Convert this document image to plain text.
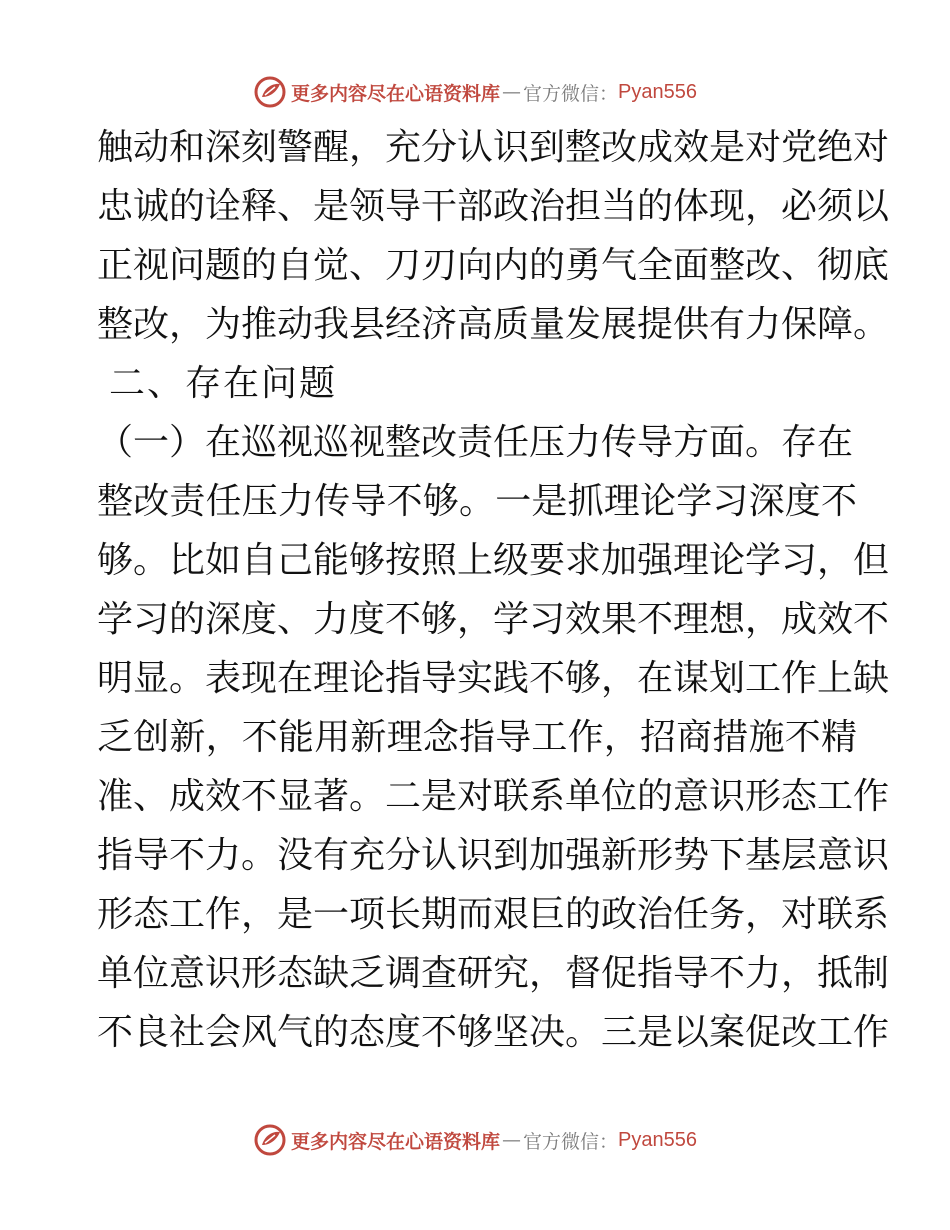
更多内容尽在心语资料库 — 官方微信： Pyan556
触动和深刻警醒，充分认识到整改成效是对党绝对
忠诚的诠释、是领导干部政治担当的体现，必须以
正视问题的自觉、刀刃向内的勇气全面整改、彻底
整改，为推动我县经济高质量发展提供有力保障。
二、存在问题
（一）在巡视巡视整改责任压力传导方面。存在
整改责任压力传导不够。一是抓理论学习深度不
够。比如自己能够按照上级要求加强理论学习，但
学习的深度、力度不够，学习效果不理想，成效不
明显。表现在理论指导实践不够，在谋划工作上缺
乏创新，不能用新理念指导工作，招商措施不精
准、成效不显著。二是对联系单位的意识形态工作
指导不力。没有充分认识到加强新形势下基层意识
形态工作，是一项长期而艰巨的政治任务，对联系
单位意识形态缺乏调查研究，督促指导不力，抵制
不良社会风气的态度不够坚决。三是以案促改工作
更多内容尽在心语资料库 — 官方微信： Pyan556
